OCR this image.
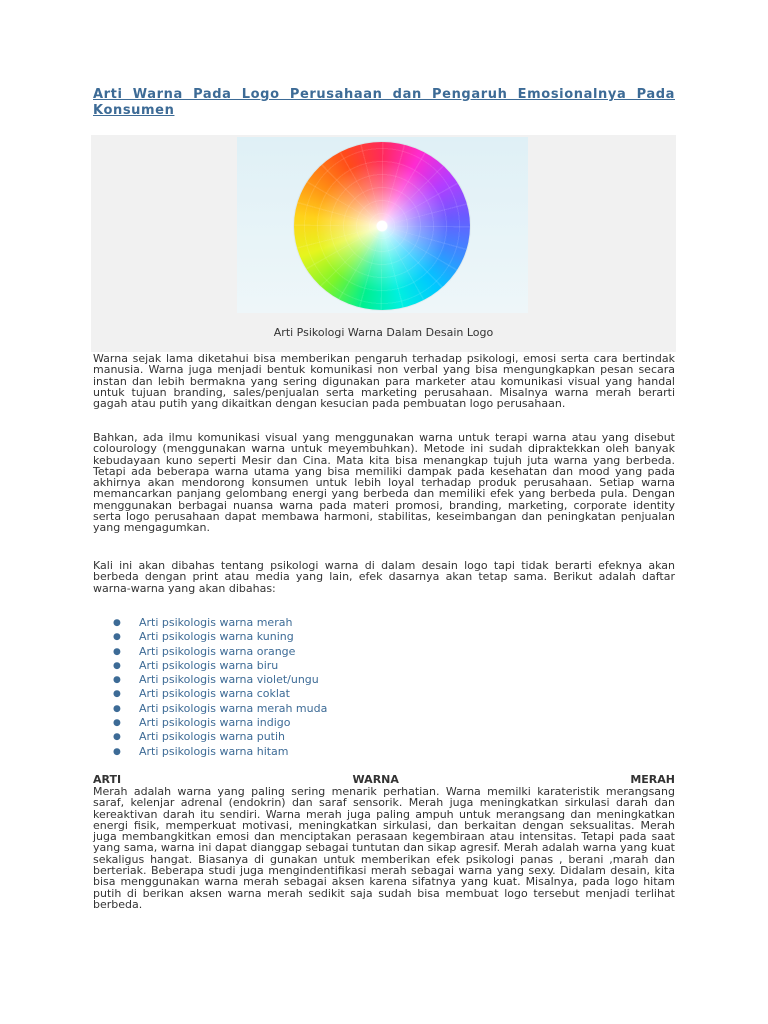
Arti Warna Pada Logo Perusahaan dan Pengaruh Emosionalnya Pada Konsumen
Arti Psikologi Warna Dalam Desain Logo

Warna sejak lama diketahui bisa memberikan pengaruh terhadap psikologi, emosi serta cara bertindak manusia. Warna juga menjadi bentuk komunikasi non verbal yang bisa mengungkapkan pesan secara instan dan lebih bermakna yang sering digunakan para marketer atau komunikasi visual yang handal untuk tujuan branding, sales/penjualan serta marketing perusahaan. Misalnya warna merah berarti gagah atau putih yang dikaitkan dengan kesucian pada pembuatan logo perusahaan.

Bahkan, ada ilmu komunikasi visual yang menggunakan warna untuk terapi warna atau yang disebut colourology (menggunakan warna untuk meyembuhkan). Metode ini sudah dipraktekkan oleh banyak kebudayaan kuno seperti Mesir dan Cina. Mata kita bisa menangkap tujuh juta warna yang berbeda. Tetapi ada beberapa warna utama yang bisa memiliki dampak pada kesehatan dan mood yang pada akhirnya akan mendorong konsumen untuk lebih loyal terhadap produk perusahaan. Setiap warna memancarkan panjang gelombang energi yang berbeda dan memiliki efek yang berbeda pula. Dengan menggunakan berbagai nuansa warna pada materi promosi, branding, marketing, corporate identity serta logo perusahaan dapat membawa harmoni, stabilitas, keseimbangan dan peningkatan penjualan yang mengagumkan.

Kali ini akan dibahas tentang psikologi warna di dalam desain logo tapi tidak berarti efeknya akan berbeda dengan print atau media yang lain, efek dasarnya akan tetap sama. Berikut adalah daftar warna-warna yang akan dibahas:

● Arti psikologis warna merah
● Arti psikologis warna kuning
● Arti psikologis warna orange
● Arti psikologis warna biru
● Arti psikologis warna violet/ungu
● Arti psikologis warna coklat
● Arti psikologis warna merah muda
● Arti psikologis warna indigo
● Arti psikologis warna putih
● Arti psikologis warna hitam
ARTI	WARNA	MERAH

Merah adalah warna yang paling sering menarik perhatian. Warna memilki karateristik merangsang saraf, kelenjar adrenal (endokrin) dan saraf sensorik. Merah juga meningkatkan sirkulasi darah dan kereaktivan darah itu sendiri. Warna merah juga paling ampuh untuk merangsang dan meningkatkan energi fisik, memperkuat motivasi, meningkatkan sirkulasi, dan berkaitan dengan seksualitas. Merah juga membangkitkan emosi dan menciptakan perasaan kegembiraan atau intensitas. Tetapi pada saat yang sama, warna ini dapat dianggap sebagai tuntutan dan sikap agresif. Merah adalah warna yang kuat sekaligus hangat. Biasanya di gunakan untuk memberikan efek psikologi panas , berani ,marah dan berteriak. Beberapa studi juga mengindentifikasi merah sebagai warna yang sexy. Didalam desain, kita bisa menggunakan warna merah sebagai aksen karena sifatnya yang kuat. Misalnya, pada logo hitam putih di berikan aksen warna merah sedikit saja sudah bisa membuat logo tersebut menjadi terlihat berbeda.
